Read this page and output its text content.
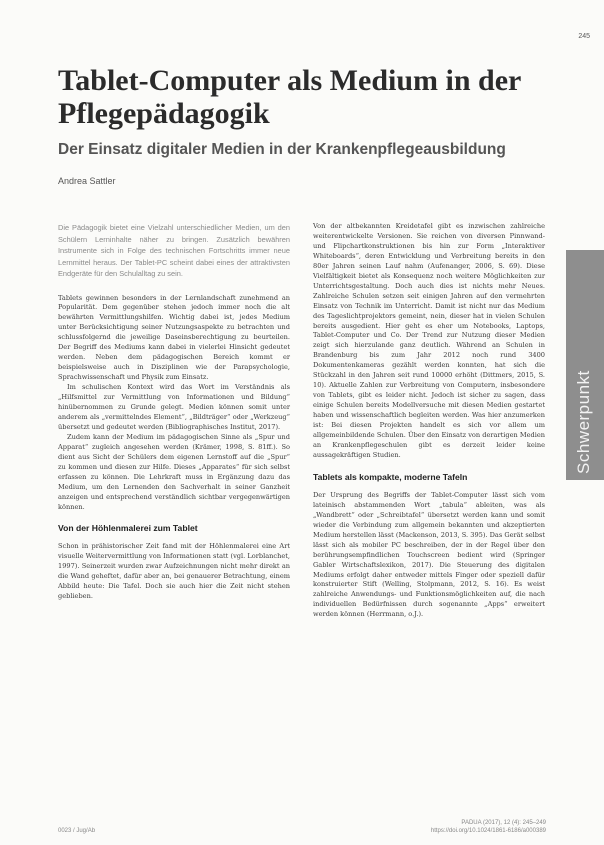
245
Tablet-Computer als Medium in der Pflegepädagogik
Der Einsatz digitaler Medien in der Krankenpflegeausbildung
Andrea Sattler

Die Pädagogik bietet eine Vielzahl unterschiedlicher Medien, um den Schülern Lerninhalte näher zu bringen. Zusätzlich bewähren Instrumente sich in Folge des technischen Fortschritts immer neue Lernmittel heraus. Der Tablet-PC scheint dabei eines der attraktivsten Endgeräte für den Schulalltag zu sein.

Tablets gewinnen besonders in der Lernlandschaft zunehmend an Popularität. Dem gegenüber stehen jedoch immer noch die alt bewährten Vermittlungshilfen. Wichtig dabei ist, jedes Medium unter Berücksichtigung seiner Nutzungsaspekte zu betrachten und schlussfolgernd die jeweilige Daseinsberechtigung zu beurteilen. Der Begriff des Mediums kann dabei in vielerlei Hinsicht gedeutet werden. Neben dem pädagogischen Bereich kommt er beispielsweise auch in Disziplinen wie der Parapsychologie, Sprachwissenschaft und Physik zum Einsatz.

Im schulischen Kontext wird das Wort im Verständnis als „Hilfsmittel zur Vermittlung von Informationen und Bildung“ hinübernommen zu Grunde gelegt. Medien können somit unter anderem als „vermittelndes Element“, „Bildträger“ oder „Werkzeug“ übersetzt und gedeutet werden (Bibliographisches Institut, 2017).

Zudem kann der Medium im pädagogischen Sinne als „Spur und Apparat“ zugleich angesehen werden (Krämer, 1998, S. 81ff.). So dient aus Sicht der Schülers dem eigenen Lernstoff auf die „Spur“ zu kommen und diesen zur Hilfe. Dieses „Apparates“ für sich selbst erfassen zu können. Die Lehrkraft muss in Ergänzung dazu das Medium, um den Lernenden den Sachverhalt in seiner Ganzheit anzeigen und entsprechend verständlich sichtbar vergegenwärtigen können.

Von der Höhlenmalerei zum Tablet

Schon in prähistorischer Zeit fand mit der Höhlenmalerei eine Art visuelle Weitervermittlung von Informationen statt (vgl. Lorblanchet, 1997). Seinerzeit wurden zwar Aufzeichnungen nicht mehr direkt an die Wand geheftet, dafür aber an, bei genauerer Betrachtung, einem Abbild heute: Die Tafel. Doch sie auch hier die Zeit nicht stehen geblieben.

Von der altbekannten Kreidetafel gibt es inzwischen zahlreiche weiterentwickelte Versionen. Sie reichen von diversen Pinnwand- und Flipchartkonstruktionen bis hin zur Form „Interaktiver Whiteboards“, deren Entwicklung und Verbreitung bereits in den 80er Jahren seinen Lauf nahm (Aufenanger, 2006, S. 69). Diese Vielfältigkeit bietet als Konsequenz noch weitere Möglichkeiten zur Unterrichtsgestaltung. Doch auch dies ist nichts mehr Neues. Zahlreiche Schulen setzen seit einigen Jahren auf den vermehrten Einsatz von Technik im Unterricht. Damit ist nicht nur das Medium des Tageslichtprojektors gemeint, nein, dieser hat in vielen Schulen bereits ausgedient. Hier geht es eher um Notebooks, Laptops, Tablet-Computer und Co. Der Trend zur Nutzung dieser Medien zeigt sich hierzulande ganz deutlich. Während an Schulen in Brandenburg bis zum Jahr 2012 noch rund 3400 Dokumentenkameras gezählt werden konnten, hat sich die Stückzahl in den Jahren seit rund 10000 erhöht (Dittmers, 2015, S. 10). Aktuelle Zahlen zur Verbreitung von Computern, insbesondere von Tablets, gibt es leider nicht. Jedoch ist sicher zu sagen, dass einige Schulen bereits Modellversuche mit diesen Medien gestartet haben und wissenschaftlich begleiten werden. Was hier anzumerken ist: Bei diesen Projekten handelt es sich vor allem um allgemeinbildende Schulen. Über den Einsatz von derartigen Medien an Krankenpflegeschulen gibt es derzeit leider keine aussagekräftigen Studien.

Tablets als kompakte, moderne Tafeln

Der Ursprung des Begriffs der Tablet-Computer lässt sich vom lateinisch abstammenden Wort „tabula“ ableiten, was als „Wandbrett“ oder „Schreibtafel“ übersetzt werden kann und somit wieder die Verbindung zum allgemein bekannten und akzeptierten Medium herstellen lässt (Mackenson, 2013, S. 395). Das Gerät selbst lässt sich als mobiler PC beschreiben, der in der Regel über den berührungsempfindlichen Touchscreen bedient wird (Springer Gabler Wirtschaftslexikon, 2017). Die Steuerung des digitalen Mediums erfolgt daher entweder mittels Finger oder speziell dafür konstruierter Stift (Welling, Stolpmann, 2012, S. 16). Es weist zahlreiche Anwendungs- und Funktionsmöglichkeiten auf, die nach individuellen Bedürfnissen durch sogenannte „Apps“ erweitert werden können (Herrmann, o.J.).

Schwerpunkt
0023 / Jug/Ab
PADUA (2017), 12 (4): 245–249
https://doi.org/10.1024/1861-6186/a000389
